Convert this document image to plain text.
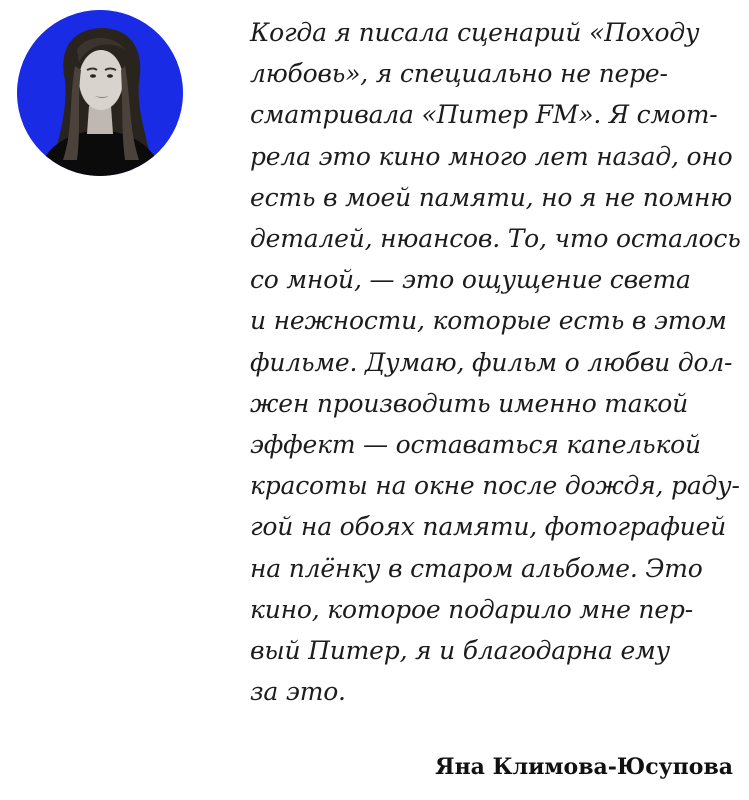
Когда я писала сценарий «Походу
любовь», я специально не пере-
сматривала «Питер FM». Я смот-
рела это кино много лет назад, оно
есть в моей памяти, но я не помню
деталей, нюансов. То, что осталось
со мной, — это ощущение света
и нежности, которые есть в этом
фильме. Думаю, фильм о любви дол-
жен производить именно такой
эффект — оставаться капелькой
красоты на окне после дождя, раду-
гой на обоях памяти, фотографией
на плёнку в старом альбоме. Это
кино, которое подарило мне пер-
вый Питер, я и благодарна ему
за это.
Яна Климова-Юсупова
